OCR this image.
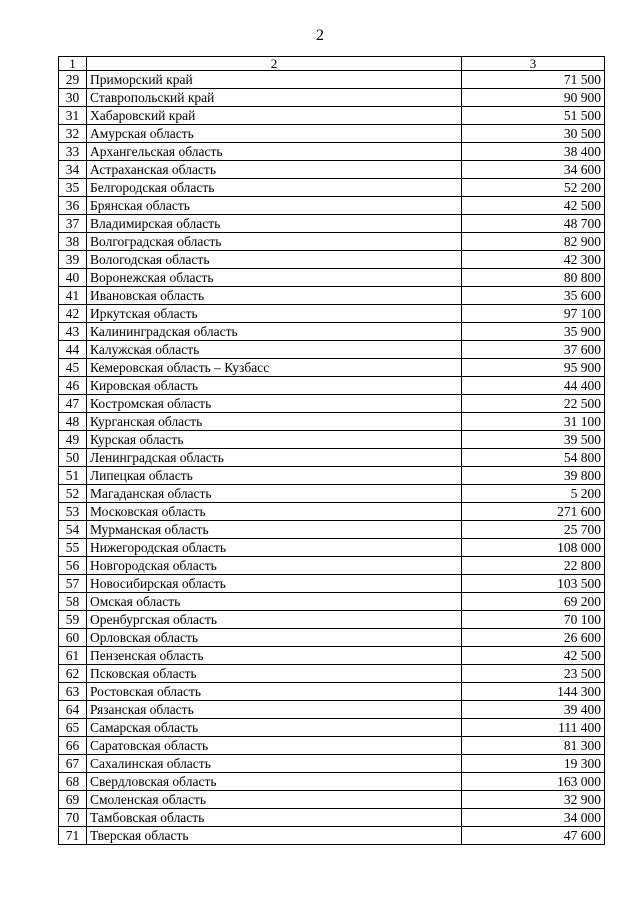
2
1	2	3
29	Приморский край	71 500
30	Ставропольский край	90 900
31	Хабаровский край	51 500
32	Амурская область	30 500
33	Архангельская область	38 400
34	Астраханская область	34 600
35	Белгородская область	52 200
36	Брянская область	42 500
37	Владимирская область	48 700
38	Волгоградская область	82 900
39	Вологодская область	42 300
40	Воронежская область	80 800
41	Ивановская область	35 600
42	Иркутская область	97 100
43	Калининградская область	35 900
44	Калужская область	37 600
45	Кемеровская область – Кузбасс	95 900
46	Кировская область	44 400
47	Костромская область	22 500
48	Курганская область	31 100
49	Курская область	39 500
50	Ленинградская область	54 800
51	Липецкая область	39 800
52	Магаданская область	5 200
53	Московская область	271 600
54	Мурманская область	25 700
55	Нижегородская область	108 000
56	Новгородская область	22 800
57	Новосибирская область	103 500
58	Омская область	69 200
59	Оренбургская область	70 100
60	Орловская область	26 600
61	Пензенская область	42 500
62	Псковская область	23 500
63	Ростовская область	144 300
64	Рязанская область	39 400
65	Самарская область	111 400
66	Саратовская область	81 300
67	Сахалинская область	19 300
68	Свердловская область	163 000
69	Смоленская область	32 900
70	Тамбовская область	34 000
71	Тверская область	47 600
